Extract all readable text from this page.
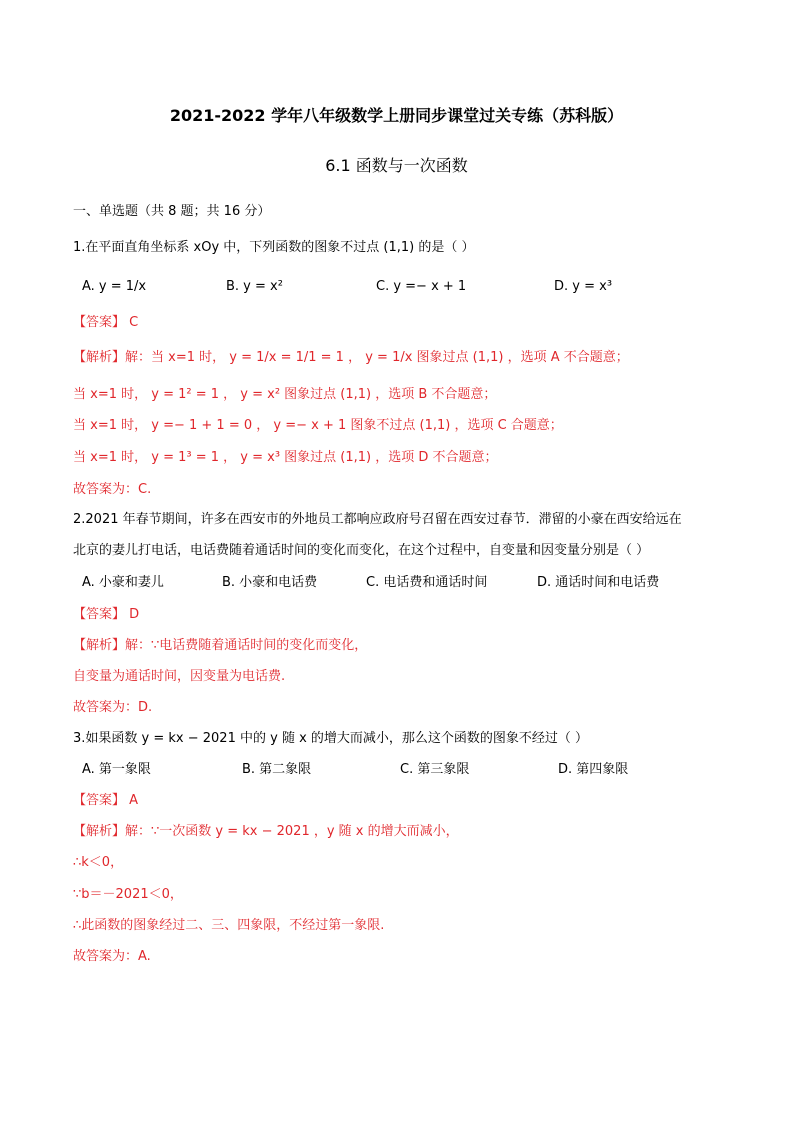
2021-2022 学年八年级数学上册同步课堂过关专练（苏科版）
6.1 函数与一次函数
一、单选题（共 8 题；共 16 分）
1.在平面直角坐标系 xOy 中，下列函数的图象不过点 (1,1) 的是（ ）
A. y = 1/x	B. y = x²	C. y =− x + 1	D. y = x³
【答案】 C
【解析】解：当 x=1 时， y = 1/x = 1/1 = 1 ， y = 1/x 图象过点 (1,1) ，选项 A 不合题意；
当 x=1 时， y = 1² = 1 ， y = x² 图象过点 (1,1) ，选项 B 不合题意；
当 x=1 时， y =− 1 + 1 = 0 ， y =− x + 1 图象不过点 (1,1) ，选项 C 合题意；
当 x=1 时， y = 1³ = 1 ， y = x³ 图象过点 (1,1) ，选项 D 不合题意；
故答案为：C.
2.2021 年春节期间，许多在西安市的外地员工都响应政府号召留在西安过春节．滞留的小豪在西安给远在
北京的妻儿打电话，电话费随着通话时间的变化而变化，在这个过程中，自变量和因变量分别是（ ）
A. 小豪和妻儿	B. 小豪和电话费	C. 电话费和通话时间	D. 通话时间和电话费
【答案】 D
【解析】解：∵电话费随着通话时间的变化而变化，
自变量为通话时间，因变量为电话费.
故答案为：D.
3.如果函数 y = kx − 2021 中的 y 随 x 的增大而减小，那么这个函数的图象不经过（ ）
A. 第一象限	B. 第二象限	C. 第三象限	D. 第四象限
【答案】 A
【解析】解：∵一次函数 y = kx − 2021 ，y 随 x 的增大而减小，
∴k＜0，
∵b＝－2021＜0，
∴此函数的图象经过二、三、四象限，不经过第一象限.
故答案为：A.
